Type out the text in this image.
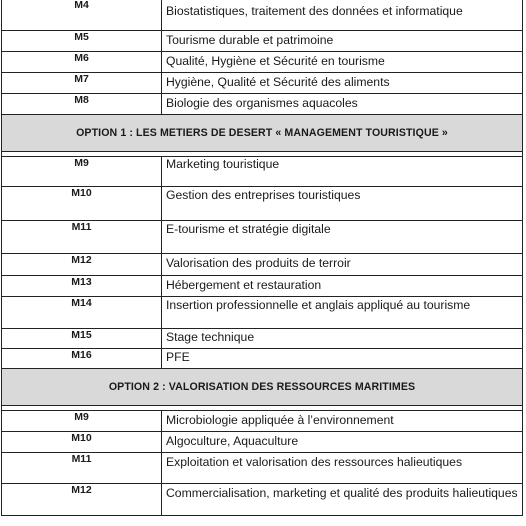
M4	Biostatistiques, traitement des données et informatique
M5	Tourisme durable et patrimoine
M6	Qualité, Hygiène et Sécurité en tourisme
M7	Hygiène, Qualité et Sécurité des aliments
M8	Biologie des organismes aquacoles
OPTION 1 : LES METIERS DE DESERT « MANAGEMENT TOURISTIQUE »	

M9	Marketing touristique
M10	Gestion des entreprises touristiques
M11	E-tourisme et stratégie digitale
M12	Valorisation des produits de terroir
M13	Hébergement et restauration
M14	Insertion professionnelle et anglais appliqué au tourisme
M15	Stage technique
M16	PFE
OPTION 2 : VALORISATION DES RESSOURCES MARITIMES	

M9	Microbiologie appliquée à l’environnement
M10	Algoculture, Aquaculture
M11	Exploitation et valorisation des ressources halieutiques
M12	Commercialisation, marketing et qualité des produits halieutiques
